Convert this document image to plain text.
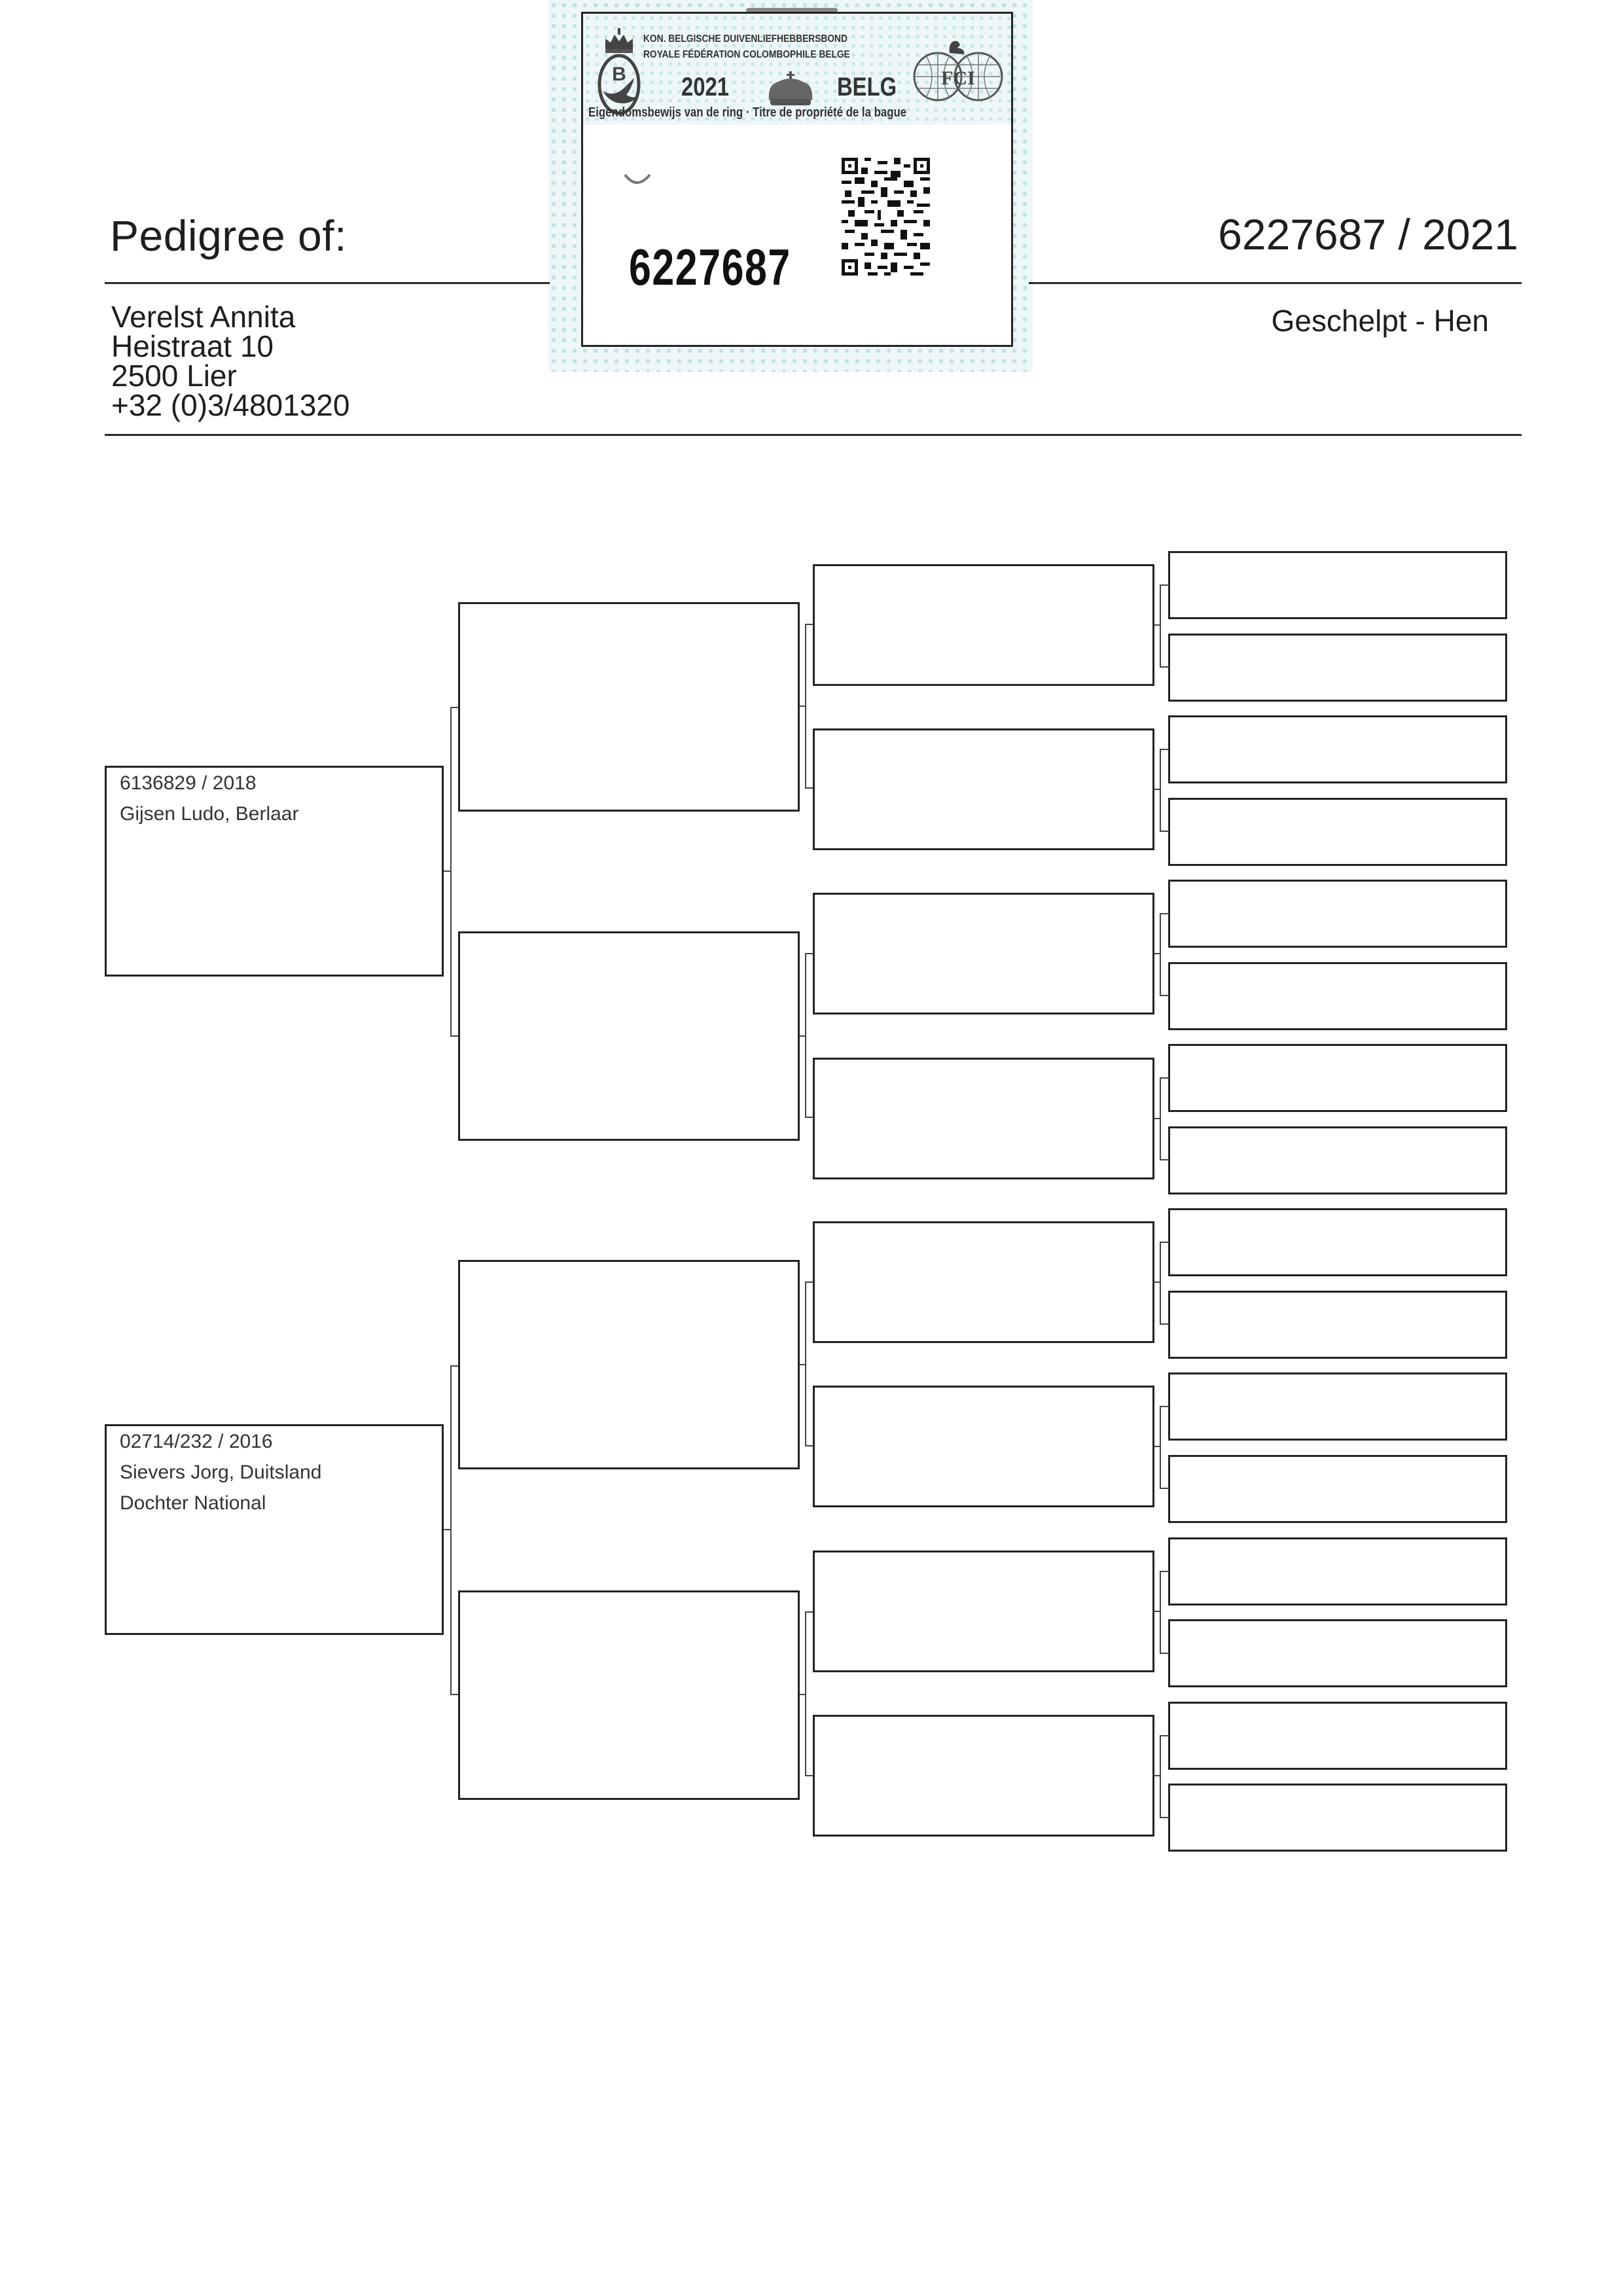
B
KON. BELGISCHE DUIVENLIEFHEBBERSBOND
ROYALE FÉDÉRATION COLOMBOPHILE BELGE
2021	BELG FCI
Eigendomsbewijs van de ring · Titre de propriété de la bague
6227687
Pedigree of:	6227687 / 2021
Verelst Annita
Heistraat 10
2500 Lier
+32 (0)3/4801320
Geschelpt - Hen
6136829 / 2018
Gijsen Ludo, Berlaar
02714/232 / 2016
Sievers Jorg, Duitsland
Dochter National
